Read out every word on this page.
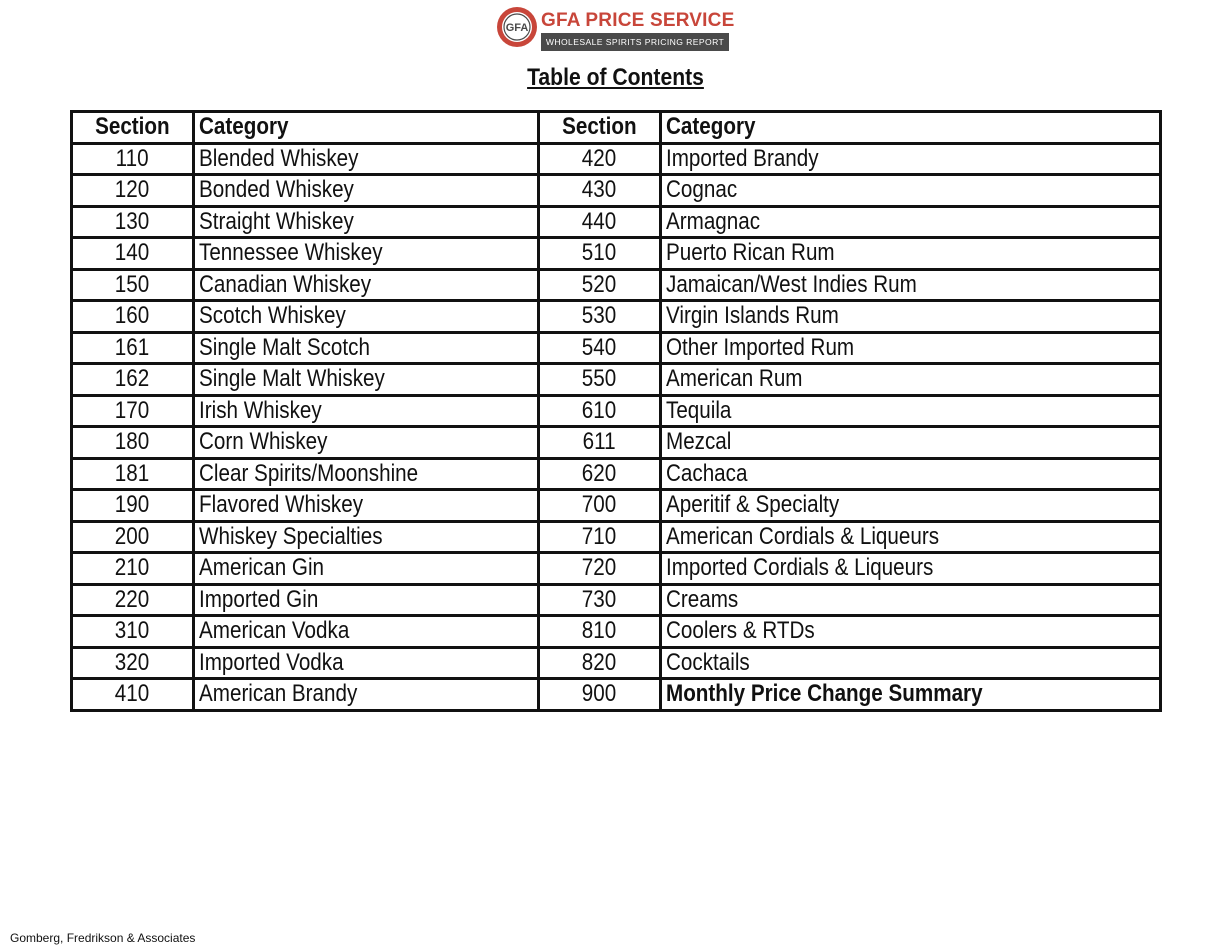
GFA GFA PRICE SERVICE
WHOLESALE SPIRITS PRICING REPORT
Table of Contents
Section	Category	Section	Category
110	Blended Whiskey	420	Imported Brandy
120	Bonded Whiskey	430	Cognac
130	Straight Whiskey	440	Armagnac
140	Tennessee Whiskey	510	Puerto Rican Rum
150	Canadian Whiskey	520	Jamaican/West Indies Rum
160	Scotch Whiskey	530	Virgin Islands Rum
161	Single Malt Scotch	540	Other Imported Rum
162	Single Malt Whiskey	550	American Rum
170	Irish Whiskey	610	Tequila
180	Corn Whiskey	611	Mezcal
181	Clear Spirits/Moonshine	620	Cachaca
190	Flavored Whiskey	700	Aperitif & Specialty
200	Whiskey Specialties	710	American Cordials & Liqueurs
210	American Gin	720	Imported Cordials & Liqueurs
220	Imported Gin	730	Creams
310	American Vodka	810	Coolers & RTDs
320	Imported Vodka	820	Cocktails
410	American Brandy	900	Monthly Price Change Summary
Gomberg, Fredrikson & Associates
